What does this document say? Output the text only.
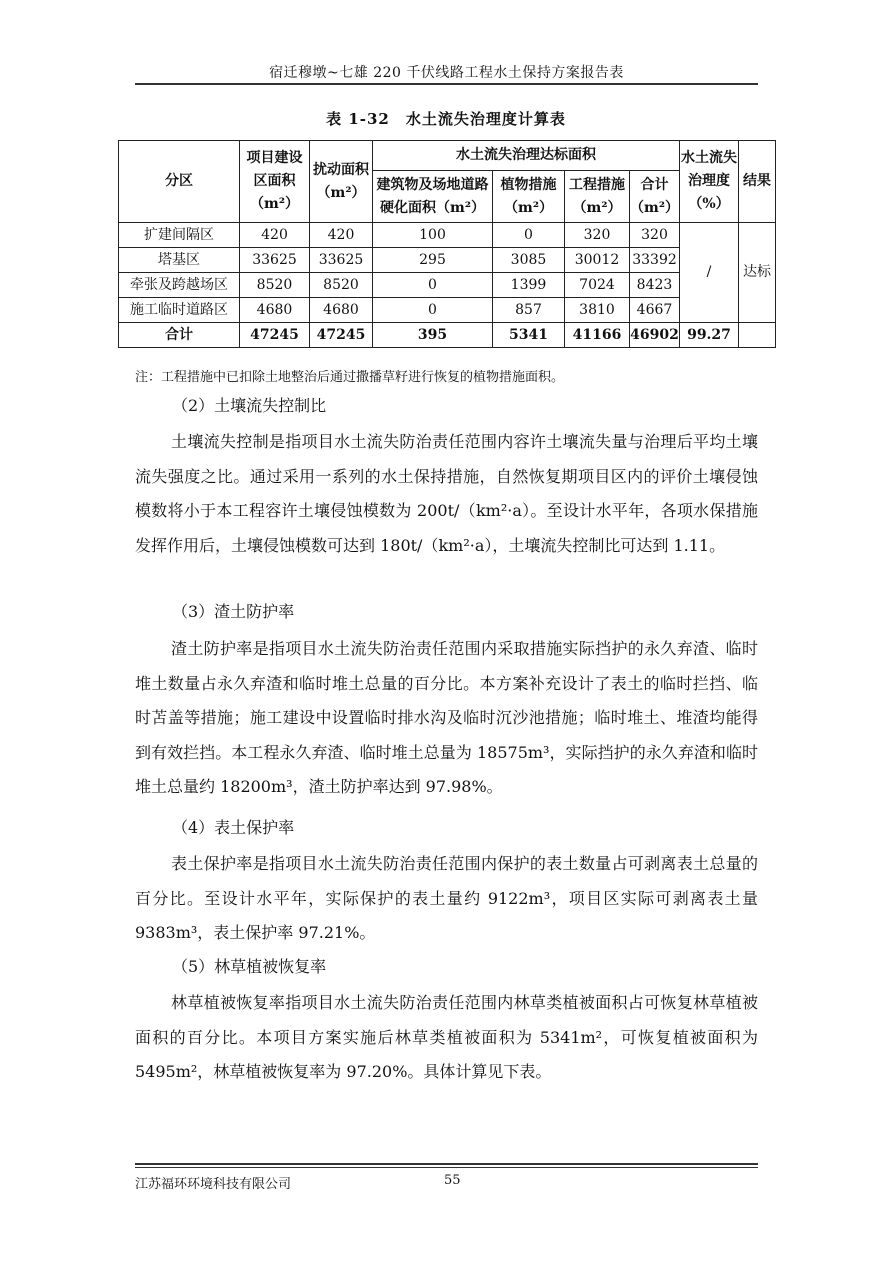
宿迁穆墩~七雄 220 千伏线路工程水土保持方案报告表
表 1-32　水土流失治理度计算表
分区	项目建设区面积（m²）	扰动面积（m²）	水土流失治理达标面积				水土流失治理度（%）	结果
			建筑物及场地道路硬化面积（m²）	植物措施（m²）	工程措施（m²）	合计（m²）		
扩建间隔区	420	420	100	0	320	320	/	达标
塔基区	33625	33625	295	3085	30012	33392		
牵张及跨越场区	8520	8520	0	1399	7024	8423		
施工临时道路区	4680	4680	0	857	3810	4667		
合计	47245	47245	395	5341	41166	46902	99.27	
注：工程措施中已扣除土地整治后通过撒播草籽进行恢复的植物措施面积。
（2）土壤流失控制比

土壤流失控制是指项目水土流失防治责任范围内容许土壤流失量与治理后平均土壤流失强度之比。通过采用一系列的水土保持措施，自然恢复期项目区内的评价土壤侵蚀模数将小于本工程容许土壤侵蚀模数为 200t/（km²·a）。至设计水平年，各项水保措施发挥作用后，土壤侵蚀模数可达到 180t/（km²·a），土壤流失控制比可达到 1.11。

（3）渣土防护率

渣土防护率是指项目水土流失防治责任范围内采取措施实际挡护的永久弃渣、临时堆土数量占永久弃渣和临时堆土总量的百分比。本方案补充设计了表土的临时拦挡、临时苫盖等措施；施工建设中设置临时排水沟及临时沉沙池措施；临时堆土、堆渣均能得到有效拦挡。本工程永久弃渣、临时堆土总量为 18575m³，实际挡护的永久弃渣和临时堆土总量约 18200m³，渣土防护率达到 97.98%。

（4）表土保护率

表土保护率是指项目水土流失防治责任范围内保护的表土数量占可剥离表土总量的百分比。至设计水平年，实际保护的表土量约 9122m³，项目区实际可剥离表土量 9383m³，表土保护率 97.21%。

（5）林草植被恢复率

林草植被恢复率指项目水土流失防治责任范围内林草类植被面积占可恢复林草植被面积的百分比。本项目方案实施后林草类植被面积为 5341m²，可恢复植被面积为 5495m²，林草植被恢复率为 97.20%。具体计算见下表。

江苏福环环境科技有限公司	55
